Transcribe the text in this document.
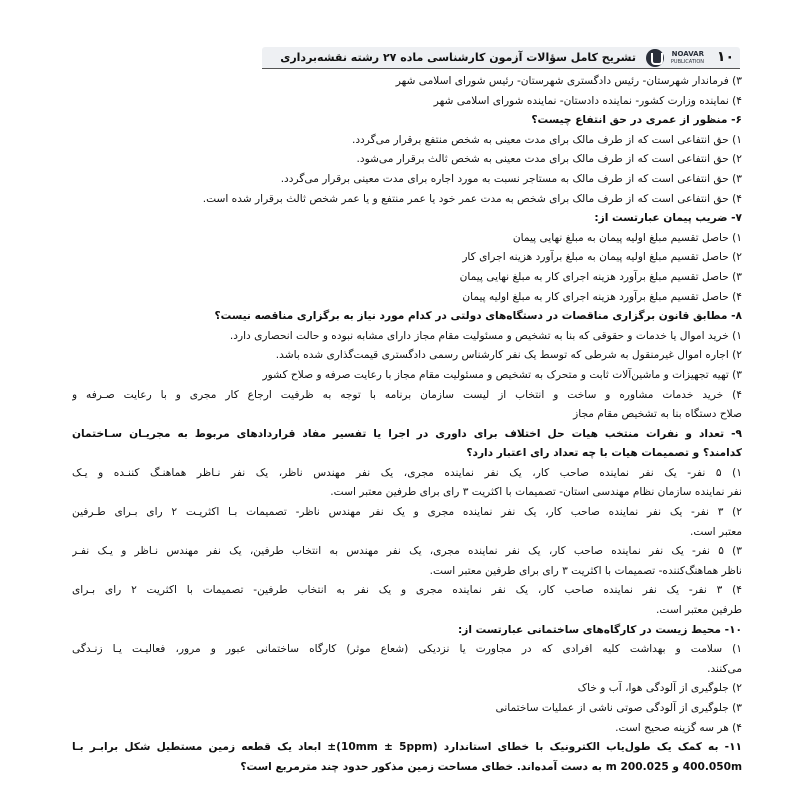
۱۰
NOAVAR
PUBLICATION
تشریح کامل سؤالات آزمون کارشناسی ماده ۲۷ رشته نقشه‌برداری
۳) فرماندار شهرستان- رئیس دادگستری شهرستان- رئیس شورای اسلامی شهر
۴) نماینده وزارت کشور- نماینده دادستان- نماینده شورای اسلامی شهر
۶- منظور از عمری در حق انتفاع چیست؟
۱) حق انتفاعی است که از طرف مالک برای مدت معینی به شخص منتفع برقرار می‌گردد.
۲) حق انتفاعی است که از طرف مالک برای مدت معینی به شخص ثالث برقرار می‌شود.
۳) حق انتفاعی است که از طرف مالک به مستاجر نسبت به مورد اجاره برای مدت معینی برقرار می‌گردد.
۴) حق انتفاعی است که از طرف مالک برای شخص به مدت عمر خود یا عمر منتفع و یا عمر شخص ثالث برقرار شده است.
۷- ضریب پیمان عبارتست از:
۱) حاصل تقسیم مبلغ اولیه پیمان به مبلغ نهایی پیمان
۲) حاصل تقسیم مبلغ اولیه پیمان به مبلغ برآورد هزینه اجرای کار
۳) حاصل تقسیم مبلغ برآورد هزینه اجرای کار به مبلغ نهایی پیمان
۴) حاصل تقسیم مبلغ برآورد هزینه اجرای کار به مبلغ اولیه پیمان
۸- مطابق قانون برگزاری مناقصات در دستگاه‌های دولتی در کدام مورد نیاز به برگزاری مناقصه نیست؟
۱) خرید اموال یا خدمات و حقوقی که بنا به تشخیص و مسئولیت مقام مجاز دارای مشابه نبوده و حالت انحصاری دارد.
۲) اجاره اموال غیرمنقول به شرطی که توسط یک نفر کارشناس رسمی دادگستری قیمت‌گذاری شده باشد.
۳) تهیه تجهیزات و ماشین‌آلات ثابت و متحرک به تشخیص و مسئولیت مقام مجاز با رعایت صرفه و صلاح کشور
۴) خرید خدمات مشاوره و ساخت و انتخاب از لیست سازمان برنامه با توجه به ظرفیت ارجاع کار مجری و با رعایت صـرفه و
صلاح دستگاه بنا به تشخیص مقام مجاز
۹- تعداد و نفرات منتخب هیات حل اختلاف برای داوری در اجرا یا تفسیر مفاد قراردادهای مربوط به مجریـان سـاختمان
کدامند؟ و تصمیمات هیات با چه تعداد رای اعتبار دارد؟
۱) ۵ نفر- یک نفر نماینده صاحب کار، یک نفر نماینده مجری، یک نفر مهندس ناظر، یک نفر نـاظر هماهنـگ کننـده و یـک
نفر نماینده سازمان نظام مهندسی استان- تصمیمات با اکثریت ۳ رای برای طرفین معتبر است.
۲) ۳ نفر- یک نفر نماینده صاحب کار، یک نفر نماینده مجری و یک نفر مهندس ناظر- تصمیمات بـا اکثریـت ۲ رای بـرای طـرفین
معتبر است.
۳) ۵ نفر- یک نفر نماینده صاحب کار، یک نفر نماینده مجری، یک نفر مهندس به انتخاب طرفین، یک نفر مهندس نـاظر و یـک نفـر
ناظر هماهنگ‌کننده- تصمیمات با اکثریت ۳ رای برای طرفین معتبر است.
۴) ۳ نفر- یک نفر نماینده صاحب کار، یک نفر نماینده مجری و یک نفر به انتخاب طرفین- تصمیمات با اکثریت ۲ رای بـرای
طرفین معتبر است.
۱۰- محیط زیست در کارگاه‌های ساختمانی عبارتست از:
۱) سلامت و بهداشت کلیه افرادی که در مجاورت یا نزدیکی (شعاع موثر) کارگاه ساختمانی عبور و مرور، فعالیـت یـا زنـدگی
می‌کنند.
۲) جلوگیری از آلودگی هوا، آب و خاک
۳) جلوگیری از آلودگی صوتی ناشی از عملیات ساختمانی
۴) هر سه گزینه صحیح است.
۱۱- به کمک یک طول‌یاب الکترونیک با خطای استاندارد (10mm ± 5ppm)± ابعاد یک قطعه زمین مستطیل شکل برابـر بـا
400.050m و 200.025 m به دست آمده‌اند. خطای مساحت زمین مذکور حدود چند مترمربع است؟
